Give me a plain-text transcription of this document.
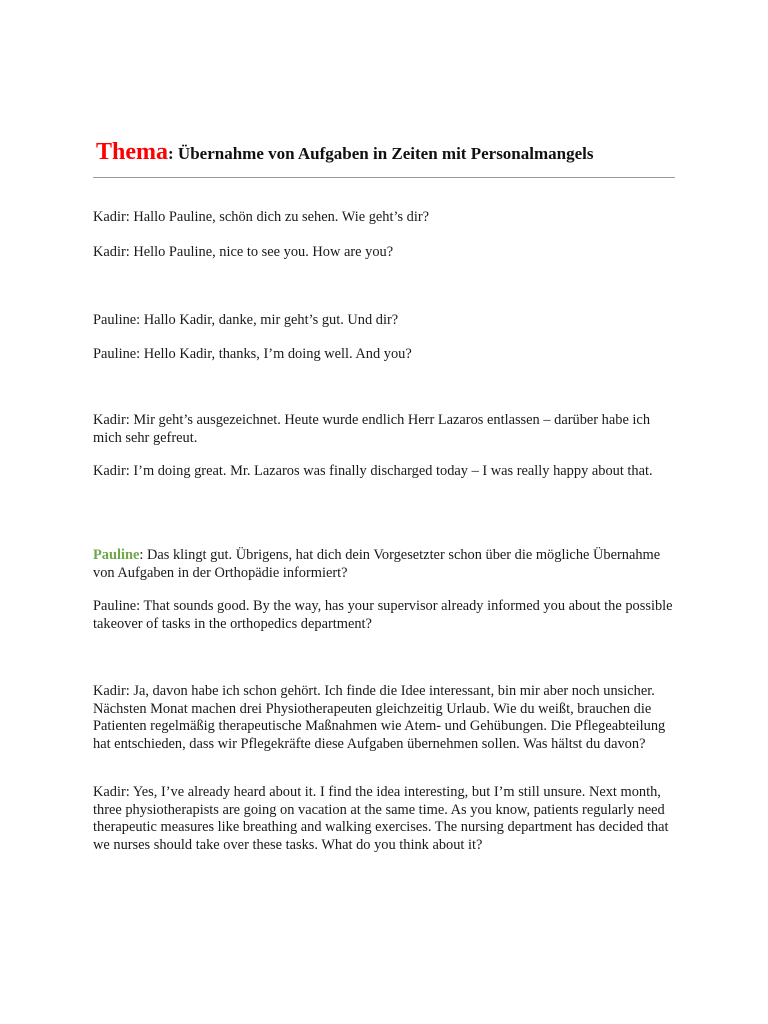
Thema: Übernahme von Aufgaben in Zeiten mit Personalmangels

Kadir: Hallo Pauline, schön dich zu sehen. Wie geht’s dir?

Kadir: Hello Pauline, nice to see you. How are you?

Pauline: Hallo Kadir, danke, mir geht’s gut. Und dir?

Pauline: Hello Kadir, thanks, I’m doing well. And you?

Kadir: Mir geht’s ausgezeichnet. Heute wurde endlich Herr Lazaros entlassen – darüber habe ich mich sehr gefreut.

Kadir: I’m doing great. Mr. Lazaros was finally discharged today – I was really happy about that.

Pauline: Das klingt gut. Übrigens, hat dich dein Vorgesetzter schon über die mögliche Übernahme von Aufgaben in der Orthopädie informiert?

Pauline: That sounds good. By the way, has your supervisor already informed you about the possible takeover of tasks in the orthopedics department?

Kadir: Ja, davon habe ich schon gehört. Ich finde die Idee interessant, bin mir aber noch unsicher. Nächsten Monat machen drei Physiotherapeuten gleichzeitig Urlaub. Wie du weißt, brauchen die Patienten regelmäßig therapeutische Maßnahmen wie Atem- und Gehübungen. Die Pflegeabteilung hat entschieden, dass wir Pflegekräfte diese Aufgaben übernehmen sollen. Was hältst du davon?

Kadir: Yes, I’ve already heard about it. I find the idea interesting, but I’m still unsure. Next month, three physiotherapists are going on vacation at the same time. As you know, patients regularly need therapeutic measures like breathing and walking exercises. The nursing department has decided that we nurses should take over these tasks. What do you think about it?
